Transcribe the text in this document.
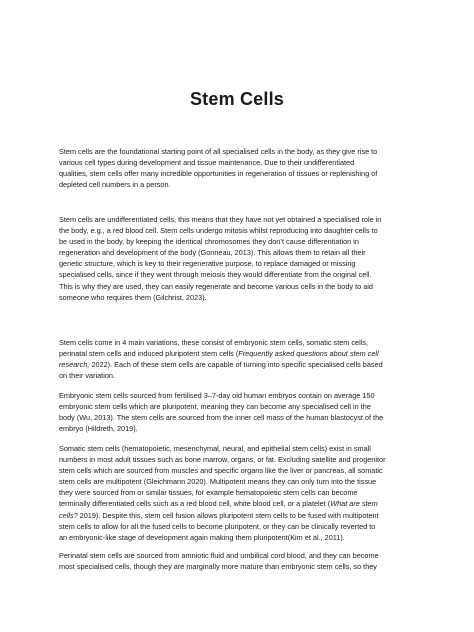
Stem Cells
Stem cells are the foundational starting point of all specialised cells in the body, as they give rise to
various cell types during development and tissue maintenance. Due to their undifferentiated
qualities, stem cells offer many incredible opportunities in regeneration of tissues or replenishing of
depleted cell numbers in a person.
Stem cells are undifferentiated cells, this means that they have not yet obtained a specialised role in
the body, e.g., a red blood cell. Stem cells undergo mitosis whilst reproducing into daughter cells to
be used in the body, by keeping the identical chromosomes they don’t cause differentiation in
regeneration and development of the body (Gonneau, 2013). This allows them to retain all their
genetic structure, which is key to their regenerative purpose, to replace damaged or missing
specialised cells, since if they went through meiosis they would differentiate from the original cell.
This is why they are used, they can easily regenerate and become various cells in the body to aid
someone who requires them (Gilchrist, 2023).
Stem cells come in 4 main variations, these consist of embryonic stem cells, somatic stem cells,
perinatal stem cells and induced pluripotent stem cells (Frequently asked questions about stem cell
research, 2022). Each of these stem cells are capable of turning into specific specialised cells based
on their variation.
Embryonic stem cells sourced from fertilised 3–7-day old human embryos contain on average 150
embryonic stem cells which are pluripotent, meaning they can become any specialised cell in the
body (Wu, 2013). The stem cells are sourced from the inner cell mass of the human blastocyst of the
embryo (Hildreth, 2019).
Somatic stem cells (hematopoietic, mesenchymal, neural, and epithelial stem cells) exist in small
numbers in most adult tissues such as bone marrow, organs, or fat. Excluding satellite and progenitor
stem cells which are sourced from muscles and specific organs like the liver or pancreas, all somatic
stem cells are multipotent (Gleichmann 2020). Multipotent means they can only turn into the tissue
they were sourced from or similar tissues, for example hematopoietic stem cells can become
terminally differentiated cells such as a red blood cell, white blood cell, or a platelet (What are stem
cells? 2019). Despite this, stem cell fusion allows pluripotent stem cells to be fused with multipotent
stem cells to allow for all the fused cells to become pluripotent, or they can be clinically reverted to
an embryonic-like stage of development again making them pluripotent(Kim et al., 2011).
Perinatal stem cells are sourced from amniotic fluid and umbilical cord blood, and they can become
most specialised cells, though they are marginally more mature than embryonic stem cells, so they
